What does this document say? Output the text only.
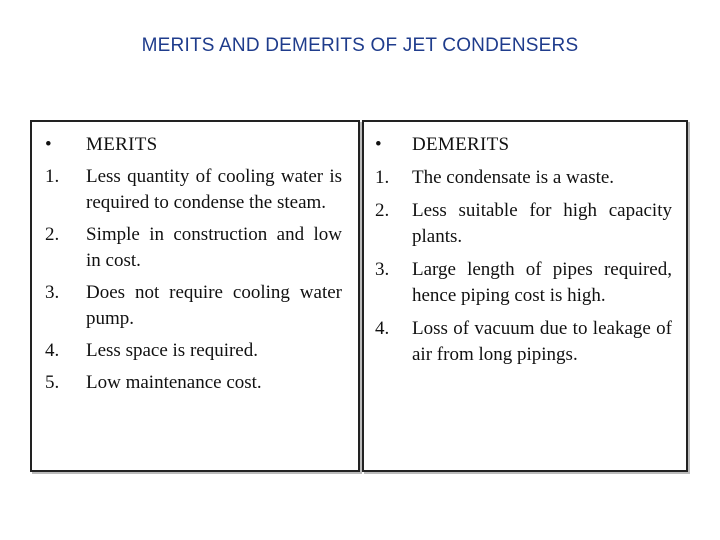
MERITS AND DEMERITS OF JET CONDENSERS
•	MERITS
1.	Less quantity of cooling water is required to condense the steam.
2.	Simple in construction and low in cost.
3.	Does not require cooling water pump.
4.	Less space is required.
5.	Low maintenance cost.
•	DEMERITS
1.	The condensate is a waste.
2.	Less suitable for high capacity plants.
3.	Large length of pipes required, hence piping cost is high.
4.	Loss of vacuum due to leakage of air from long pipings.
